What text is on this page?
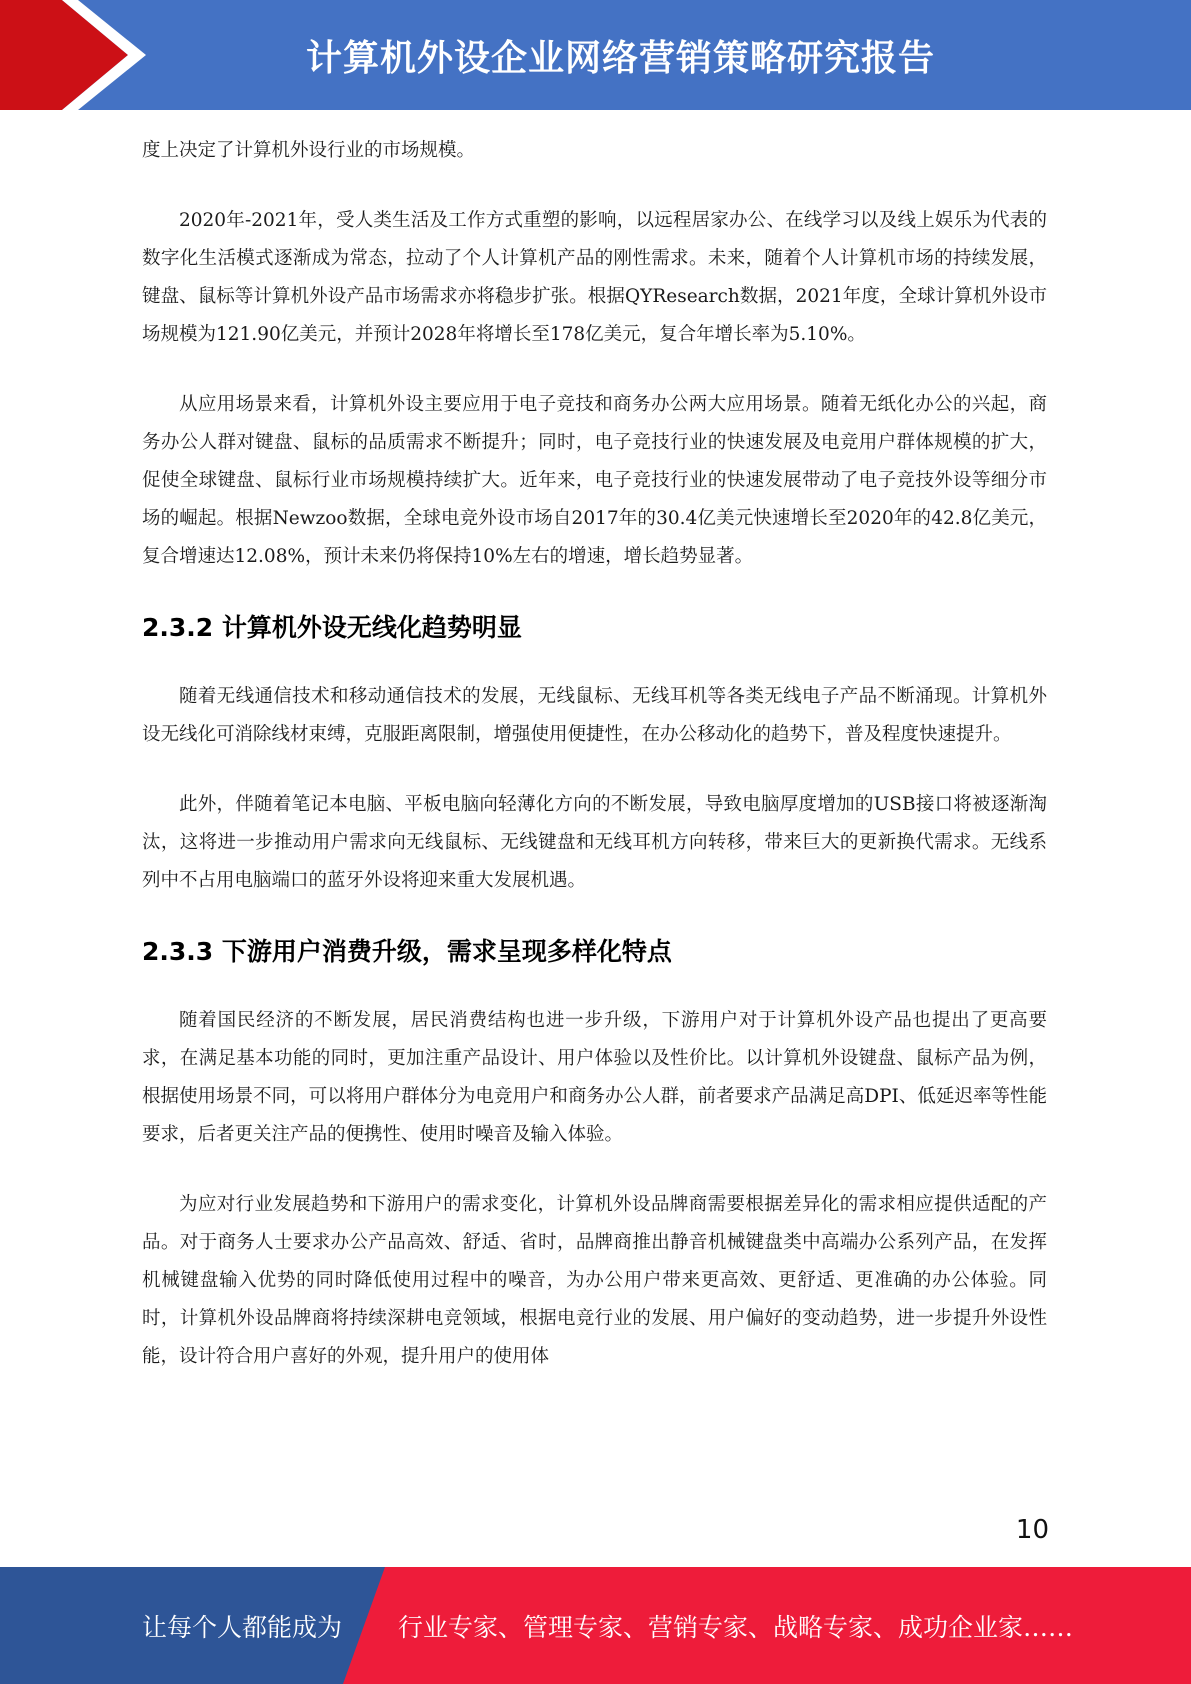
计算机外设企业网络营销策略研究报告

度上决定了计算机外设行业的市场规模。

2020年-2021年，受人类生活及工作方式重塑的影响，以远程居家办公、在线学习以及线上娱乐为代表的数字化生活模式逐渐成为常态，拉动了个人计算机产品的刚性需求。未来，随着个人计算机市场的持续发展，键盘、鼠标等计算机外设产品市场需求亦将稳步扩张。根据QYResearch数据，2021年度，全球计算机外设市场规模为121.90亿美元，并预计2028年将增长至178亿美元，复合年增长率为5.10%。

从应用场景来看，计算机外设主要应用于电子竞技和商务办公两大应用场景。随着无纸化办公的兴起，商务办公人群对键盘、鼠标的品质需求不断提升；同时，电子竞技行业的快速发展及电竞用户群体规模的扩大，促使全球键盘、鼠标行业市场规模持续扩大。近年来，电子竞技行业的快速发展带动了电子竞技外设等细分市场的崛起。根据Newzoo数据，全球电竞外设市场自2017年的30.4亿美元快速增长至2020年的42.8亿美元，复合增速达12.08%，预计未来仍将保持10%左右的增速，增长趋势显著。

2.3.2 计算机外设无线化趋势明显

随着无线通信技术和移动通信技术的发展，无线鼠标、无线耳机等各类无线电子产品不断涌现。计算机外设无线化可消除线材束缚，克服距离限制，增强使用便捷性，在办公移动化的趋势下，普及程度快速提升。

此外，伴随着笔记本电脑、平板电脑向轻薄化方向的不断发展，导致电脑厚度增加的USB接口将被逐渐淘汰，这将进一步推动用户需求向无线鼠标、无线键盘和无线耳机方向转移，带来巨大的更新换代需求。无线系列中不占用电脑端口的蓝牙外设将迎来重大发展机遇。

2.3.3 下游用户消费升级，需求呈现多样化特点

随着国民经济的不断发展，居民消费结构也进一步升级，下游用户对于计算机外设产品也提出了更高要求，在满足基本功能的同时，更加注重产品设计、用户体验以及性价比。以计算机外设键盘、鼠标产品为例，根据使用场景不同，可以将用户群体分为电竞用户和商务办公人群，前者要求产品满足高DPI、低延迟率等性能要求，后者更关注产品的便携性、使用时噪音及输入体验。

为应对行业发展趋势和下游用户的需求变化，计算机外设品牌商需要根据差异化的需求相应提供适配的产品。对于商务人士要求办公产品高效、舒适、省时，品牌商推出静音机械键盘类中高端办公系列产品，在发挥机械键盘输入优势的同时降低使用过程中的噪音，为办公用户带来更高效、更舒适、更准确的办公体验。同时，计算机外设品牌商将持续深耕电竞领域，根据电竞行业的发展、用户偏好的变动趋势，进一步提升外设性能，设计符合用户喜好的外观，提升用户的使用体

10
让每个人都能成为 行业专家、管理专家、营销专家、战略专家、成功企业家……
